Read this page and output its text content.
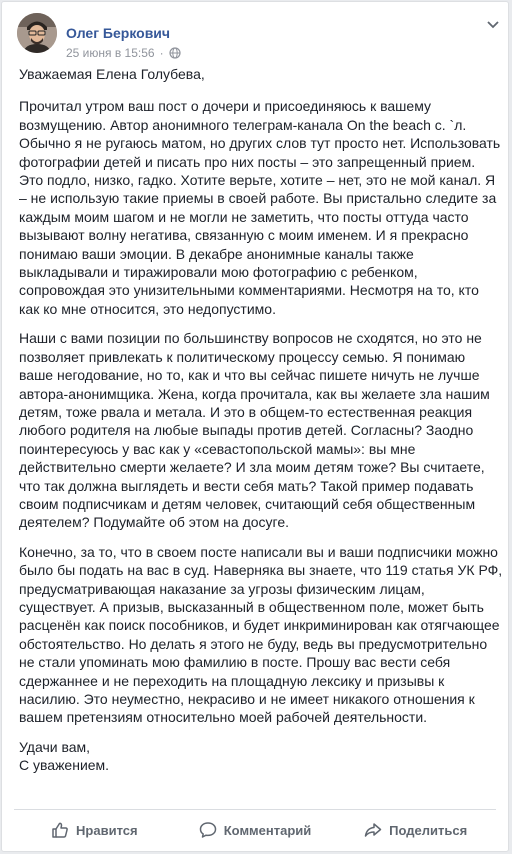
Олег Беркович
25 июня в 15:56 ·

Уважаемая Елена Голубева,

Прочитал утром ваш пост о дочери и присоединяюсь к вашему возмущению. Автор анонимного телеграм-канала On the beach с. `л. Обычно я не ругаюсь матом, но других слов тут просто нет. Использовать фотографии детей и писать про них посты – это запрещенный прием. Это подло, низко, гадко. Хотите верьте, хотите – нет, это не мой канал. Я – не использую такие приемы в своей работе. Вы пристально следите за каждым моим шагом и не могли не заметить, что посты оттуда часто вызывают волну негатива, связанную с моим именем. И я прекрасно понимаю ваши эмоции. В декабре анонимные каналы также выкладывали и тиражировали мою фотографию с ребенком, сопровождая это унизительными комментариями. Несмотря на то, кто как ко мне относится, это недопустимо.

Наши с вами позиции по большинству вопросов не сходятся, но это не позволяет привлекать к политическому процессу семью. Я понимаю ваше негодование, но то, как и что вы сейчас пишете ничуть не лучше автора-анонимщика. Жена, когда прочитала, как вы желаете зла нашим детям, тоже рвала и метала. И это в общем-то естественная реакция любого родителя на любые выпады против детей. Согласны? Заодно поинтересуюсь у вас как у «севастопольской мамы»: вы мне действительно смерти желаете? И зла моим детям тоже? Вы считаете, что так должна выглядеть и вести себя мать? Такой пример подавать своим подписчикам и детям человек, считающий себя общественным деятелем? Подумайте об этом на досуге.

Конечно, за то, что в своем посте написали вы и ваши подписчики можно было бы подать на вас в суд. Наверняка вы знаете, что 119 статья УК РФ, предусматривающая наказание за угрозы физическим лицам, существует. А призыв, высказанный в общественном поле, может быть расценён как поиск пособников, и будет инкриминирован как отягчающее обстоятельство. Но делать я этого не буду, ведь вы предусмотрительно не стали упоминать мою фамилию в посте. Прошу вас вести себя сдержаннее и не переходить на площадную лексику и призывы к насилию. Это неуместно, некрасиво и не имеет никакого отношения к вашем претензиям относительно моей рабочей деятельности.

Удачи вам,
С уважением.

Нравится	Комментарий	Поделиться
